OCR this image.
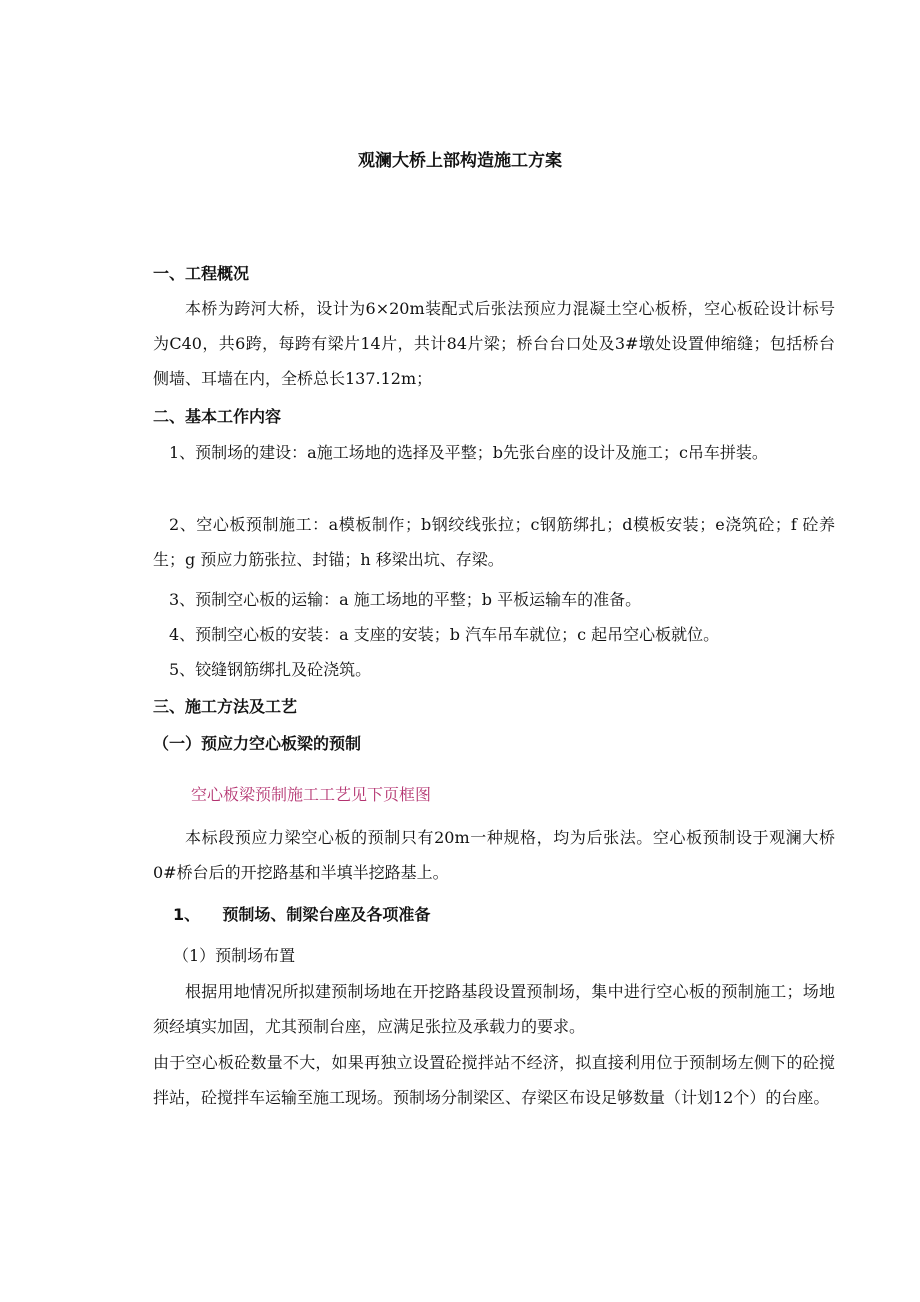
观澜大桥上部构造施工方案
一、工程概况

本桥为跨河大桥，设计为6×20m装配式后张法预应力混凝土空心板桥，空心板砼设计标号为C40，共6跨，每跨有梁片14片，共计84片梁；桥台台口处及3#墩处设置伸缩缝；包括桥台侧墙、耳墙在内，全桥总长137.12m；

二、基本工作内容

1、预制场的建设：a施工场地的选择及平整；b先张台座的设计及施工；c吊车拼装。

2、空心板预制施工：a模板制作；b钢绞线张拉；c钢筋绑扎；d模板安装；e浇筑砼；f 砼养生；g 预应力筋张拉、封锚；h 移梁出坑、存梁。

3、预制空心板的运输：a 施工场地的平整；b 平板运输车的准备。

4、预制空心板的安装：a 支座的安装；b 汽车吊车就位；c 起吊空心板就位。

5、铰缝钢筋绑扎及砼浇筑。

三、施工方法及工艺
（一）预应力空心板梁的预制
空心板梁预制施工工艺见下页框图

本标段预应力梁空心板的预制只有20m一种规格，均为后张法。空心板预制设于观澜大桥0#桥台后的开挖路基和半填半挖路基上。

1、    预制场、制梁台座及各项准备
（1）预制场布置

根据用地情况所拟建预制场地在开挖路基段设置预制场，集中进行空心板的预制施工；场地须经填实加固，尤其预制台座，应满足张拉及承载力的要求。

由于空心板砼数量不大，如果再独立设置砼搅拌站不经济，拟直接利用位于预制场左侧下的砼搅拌站，砼搅拌车运输至施工现场。预制场分制梁区、存梁区布设足够数量（计划12个）的台座。
